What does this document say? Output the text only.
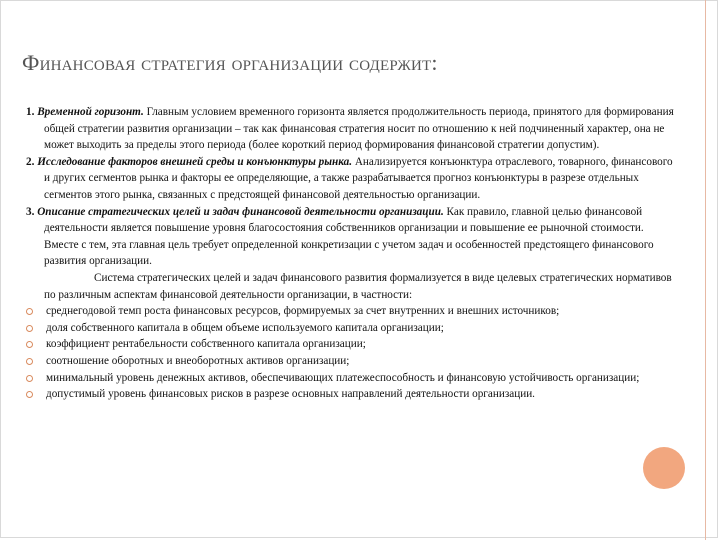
Финансовая стратегия организации содержит:

1. Временной горизонт. Главным условием временного горизонта является продолжительность периода, принятого для формирования общей стратегии развития организации – так как финансовая стратегия носит по отношению к ней подчиненный характер, она не может выходить за пределы этого периода (более короткий период формирования финансовой стратегии допустим).

2. Исследование факторов внешней среды и конъюнктуры рынка. Анализируется конъюнктура отраслевого, товарного, финансового и других сегментов рынка и факторы ее определяющие, а также разрабатывается прогноз конъюнктуры в разрезе отдельных сегментов этого рынка, связанных с предстоящей финансовой деятельностью организации.

3. Описание стратегических целей и задач финансовой деятельности организации. Как правило, главной целью финансовой деятельности является повышение уровня благосостояния собственников организации и повышение ее рыночной стоимости. Вместе с тем, эта главная цель требует определенной конкретизации с учетом задач и особенностей предстоящего финансового развития организации.

Система стратегических целей и задач финансового развития формализуется в виде целевых стратегических нормативов по различным аспектам финансовой деятельности организации, в частности:

среднегодовой темп роста финансовых ресурсов, формируемых за счет внутренних и внешних источников;
доля собственного капитала в общем объеме используемого капитала организации;
коэффициент рентабельности собственного капитала организации;
соотношение оборотных и внеоборотных активов организации;
минимальный уровень денежных активов, обеспечивающих платежеспособность и финансовую устойчивость организации;
допустимый уровень финансовых рисков в разрезе основных направлений деятельности организации.
